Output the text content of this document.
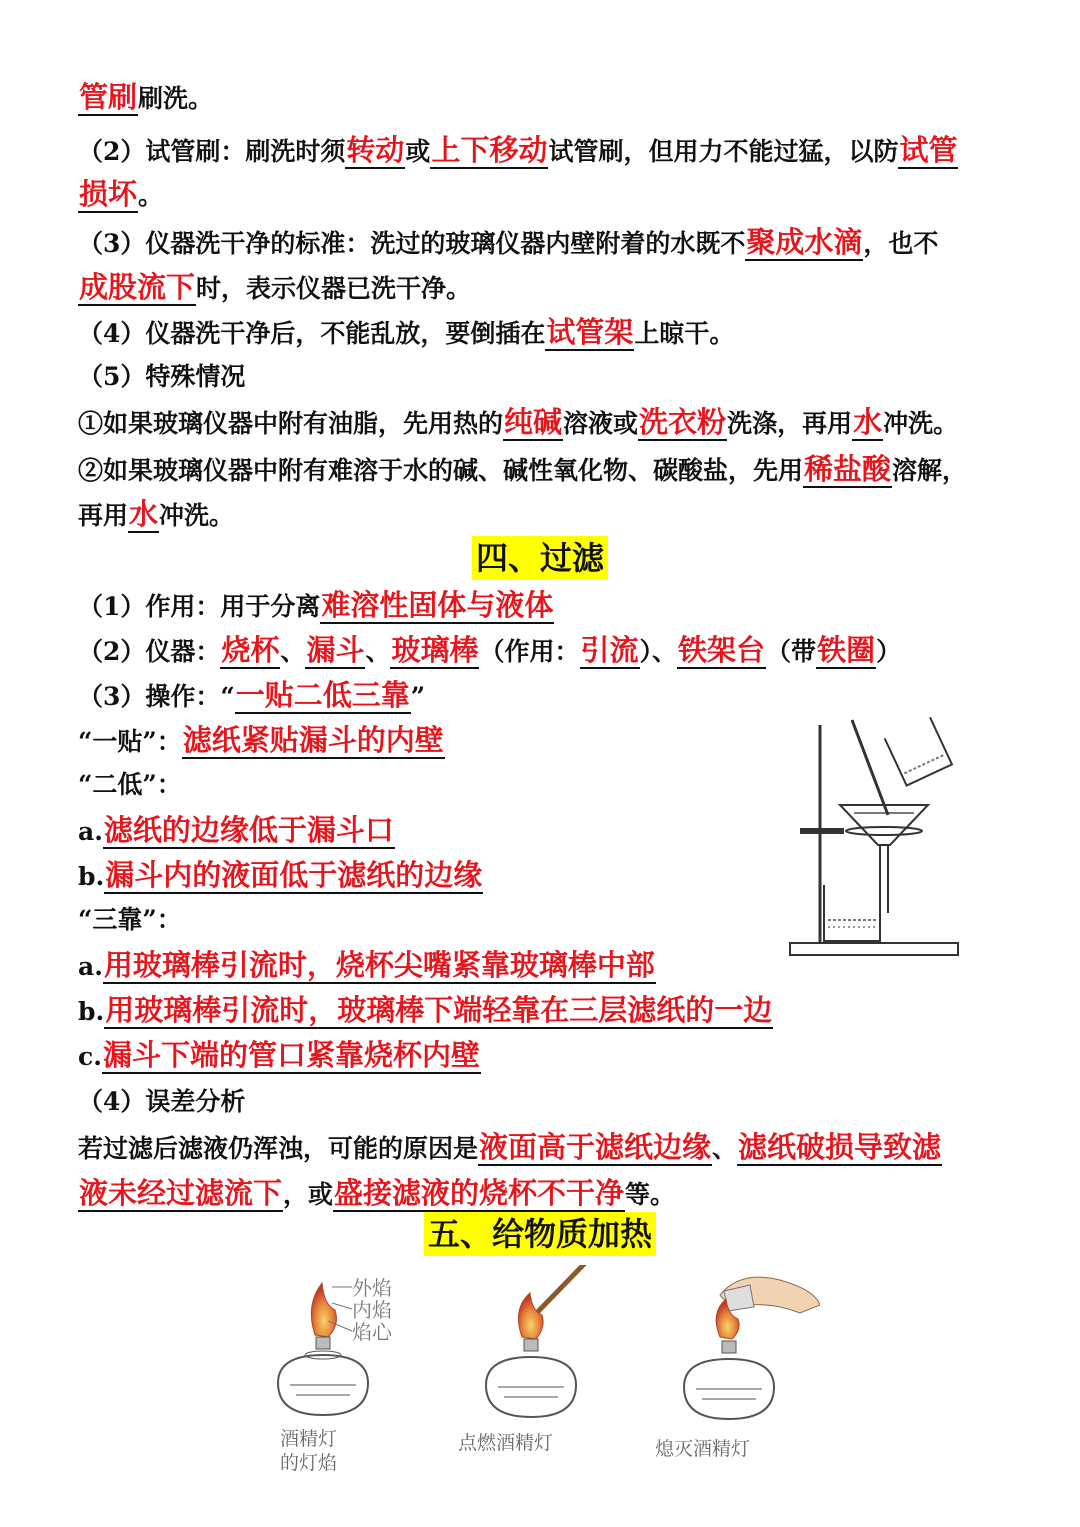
管刷刷洗。
（2）试管刷：刷洗时须转动或上下移动试管刷，但用力不能过猛，以防试管
损坏。
（3）仪器洗干净的标准：洗过的玻璃仪器内壁附着的水既不聚成水滴，也不
成股流下时，表示仪器已洗干净。
（4）仪器洗干净后，不能乱放，要倒插在试管架上晾干。
（5）特殊情况
①如果玻璃仪器中附有油脂，先用热的纯碱溶液或洗衣粉洗涤，再用水冲洗。
②如果玻璃仪器中附有难溶于水的碱、碱性氧化物、碳酸盐，先用稀盐酸溶解，
再用水冲洗。
四、过滤
（1）作用：用于分离难溶性固体与液体
（2）仪器：烧杯、漏斗、玻璃棒（作用：引流）、铁架台（带铁圈）
（3）操作：“一贴二低三靠”
“一贴”：滤纸紧贴漏斗的内壁
“二低”：
a.滤纸的边缘低于漏斗口
b.漏斗内的液面低于滤纸的边缘
“三靠”：
a.用玻璃棒引流时，烧杯尖嘴紧靠玻璃棒中部
b.用玻璃棒引流时，玻璃棒下端轻靠在三层滤纸的一边
c.漏斗下端的管口紧靠烧杯内壁
（4）误差分析
若过滤后滤液仍浑浊，可能的原因是液面高于滤纸边缘、滤纸破损导致滤
液未经过滤流下，或盛接滤液的烧杯不干净等。
五、给物质加热
外焰
内焰
焰心
酒精灯
的灯焰
点燃酒精灯	熄灭酒精灯
